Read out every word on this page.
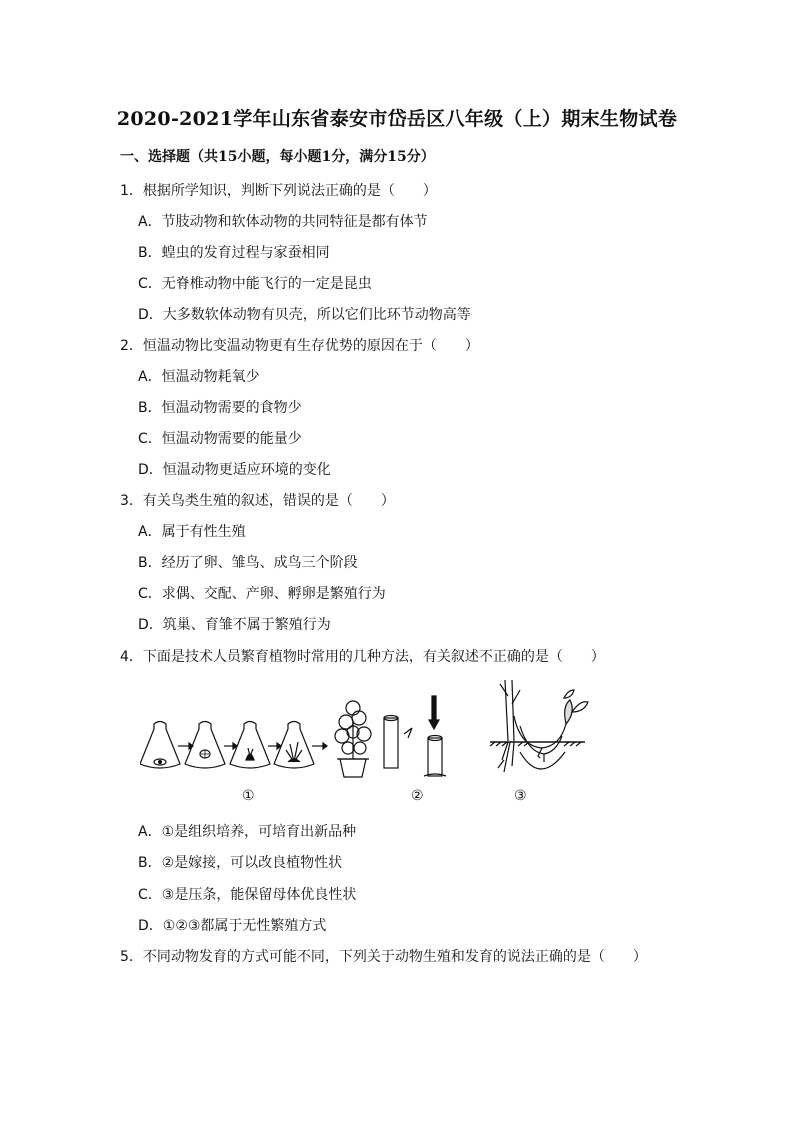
2020-2021学年山东省泰安市岱岳区八年级（上）期末生物试卷
一、选择题（共15小题，每小题1分，满分15分）
1．根据所学知识，判断下列说法正确的是（　　）
A．节肢动物和软体动物的共同特征是都有体节
B．蝗虫的发育过程与家蚕相同
C．无脊椎动物中能飞行的一定是昆虫
D．大多数软体动物有贝壳，所以它们比环节动物高等
2．恒温动物比变温动物更有生存优势的原因在于（　　）
A．恒温动物耗氧少
B．恒温动物需要的食物少
C．恒温动物需要的能量少
D．恒温动物更适应环境的变化
3．有关鸟类生殖的叙述，错误的是（　　）
A．属于有性生殖
B．经历了卵、雏鸟、成鸟三个阶段
C．求偶、交配、产卵、孵卵是繁殖行为
D．筑巢、育雏不属于繁殖行为
4．下面是技术人员繁育植物时常用的几种方法，有关叙述不正确的是（　　）
①	②	③
A．①是组织培养，可培育出新品种
B．②是嫁接，可以改良植物性状
C．③是压条，能保留母体优良性状
D．①②③都属于无性繁殖方式
5．不同动物发育的方式可能不同，下列关于动物生殖和发育的说法正确的是（　　）
